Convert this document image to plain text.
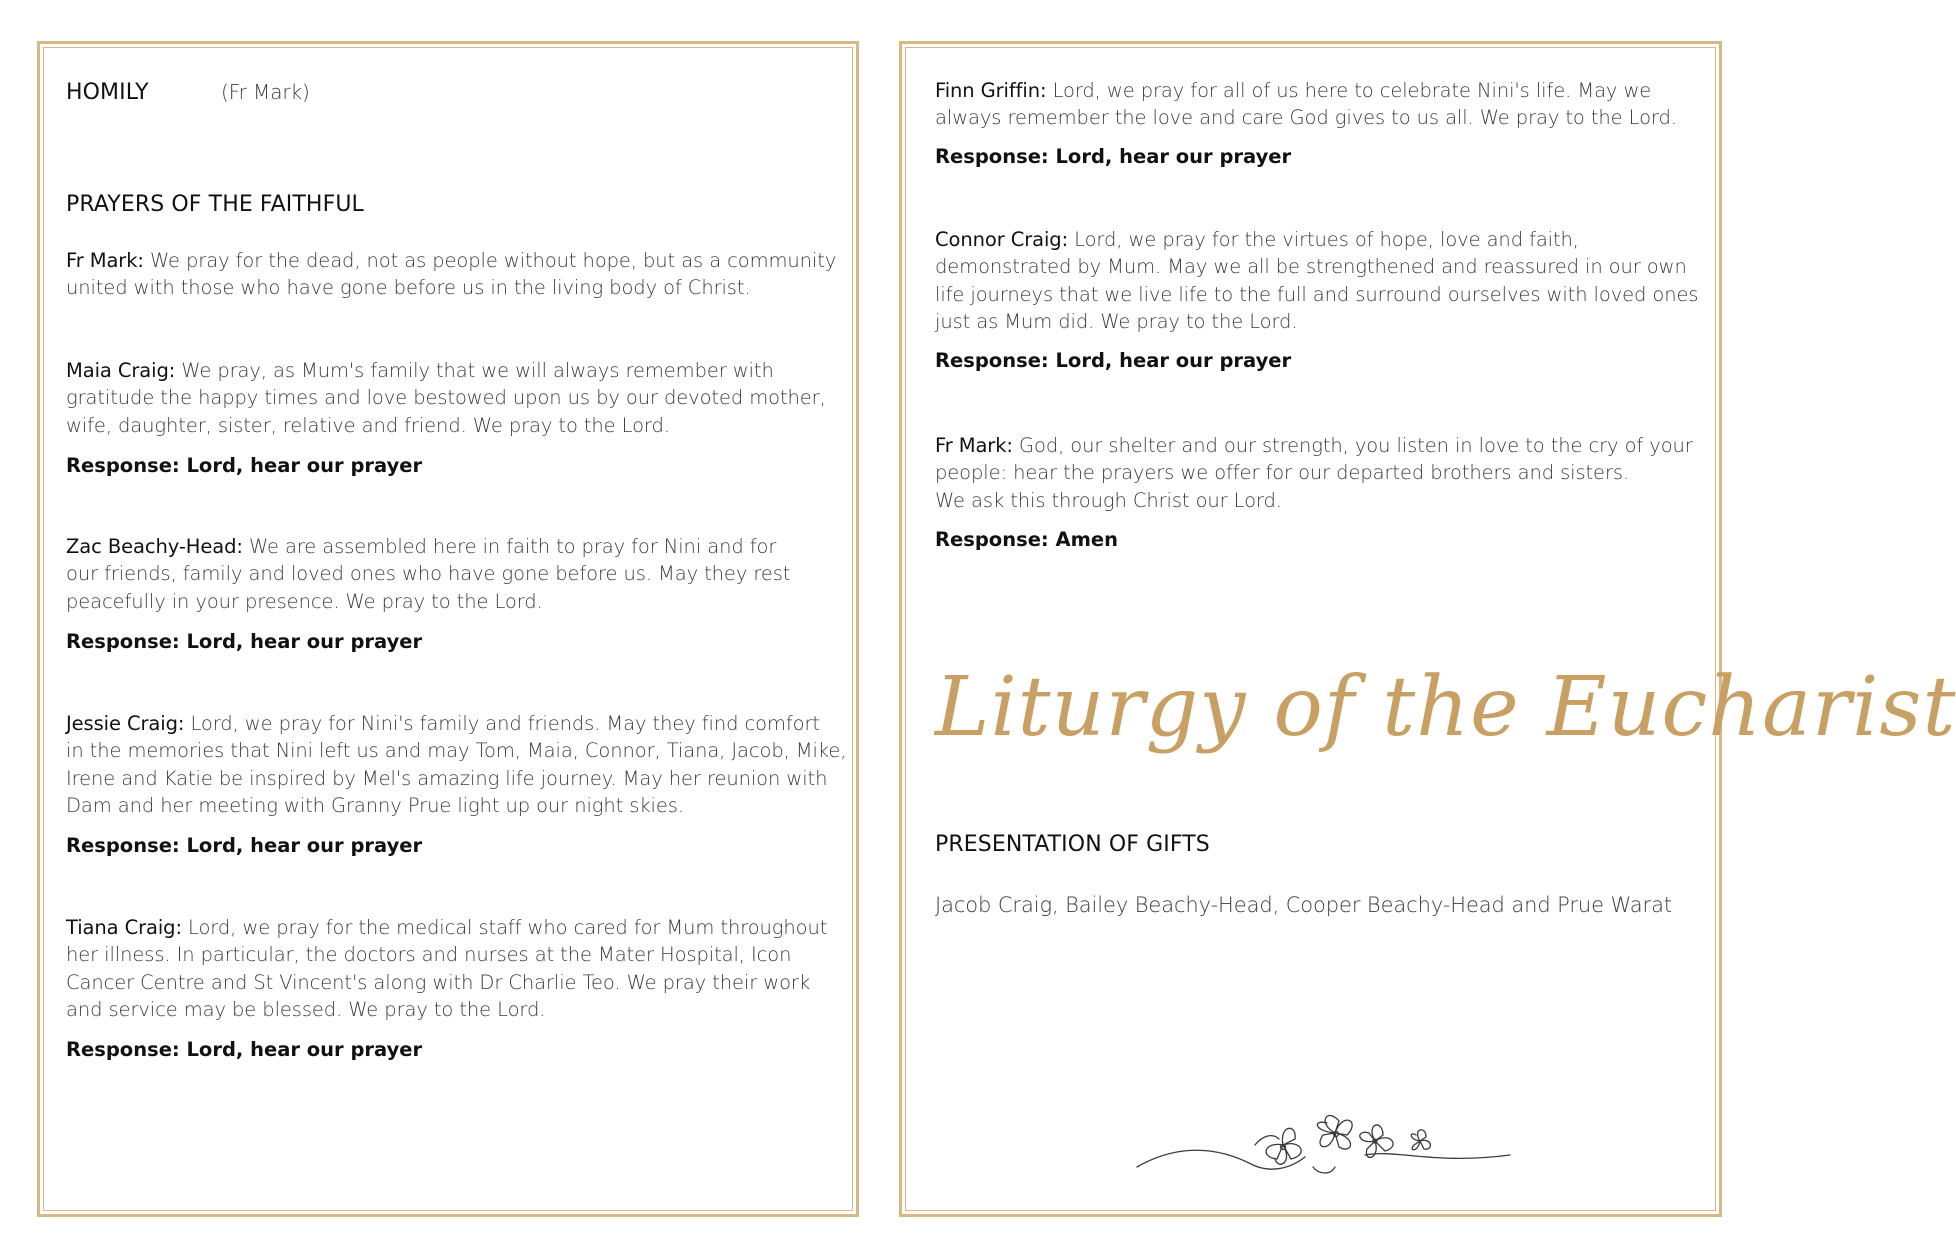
HOMILY	(Fr Mark)
PRAYERS OF THE FAITHFUL
Fr Mark: We pray for the dead, not as people without hope, but as a community
united with those who have gone before us in the living body of Christ.
Maia Craig: We pray, as Mum's family that we will always remember with
gratitude the happy times and love bestowed upon us by our devoted mother,
wife, daughter, sister, relative and friend. We pray to the Lord.
Response: Lord, hear our prayer
Zac Beachy-Head: We are assembled here in faith to pray for Nini and for
our friends, family and loved ones who have gone before us. May they rest
peacefully in your presence. We pray to the Lord.
Response: Lord, hear our prayer
Jessie Craig: Lord, we pray for Nini's family and friends. May they find comfort
in the memories that Nini left us and may Tom, Maia, Connor, Tiana, Jacob, Mike,
Irene and Katie be inspired by Mel's amazing life journey. May her reunion with
Dam and her meeting with Granny Prue light up our night skies.
Response: Lord, hear our prayer
Tiana Craig: Lord, we pray for the medical staff who cared for Mum throughout
her illness. In particular, the doctors and nurses at the Mater Hospital, Icon
Cancer Centre and St Vincent's along with Dr Charlie Teo. We pray their work
and service may be blessed. We pray to the Lord.
Response: Lord, hear our prayer
Finn Griffin: Lord, we pray for all of us here to celebrate Nini's life. May we
always remember the love and care God gives to us all. We pray to the Lord.
Response: Lord, hear our prayer
Connor Craig: Lord, we pray for the virtues of hope, love and faith,
demonstrated by Mum. May we all be strengthened and reassured in our own
life journeys that we live life to the full and surround ourselves with loved ones
just as Mum did. We pray to the Lord.
Response: Lord, hear our prayer
Fr Mark: God, our shelter and our strength, you listen in love to the cry of your
people: hear the prayers we offer for our departed brothers and sisters.
We ask this through Christ our Lord.
Response: Amen
Liturgy of the Eucharist
PRESENTATION OF GIFTS
Jacob Craig, Bailey Beachy-Head, Cooper Beachy-Head and Prue Warat
